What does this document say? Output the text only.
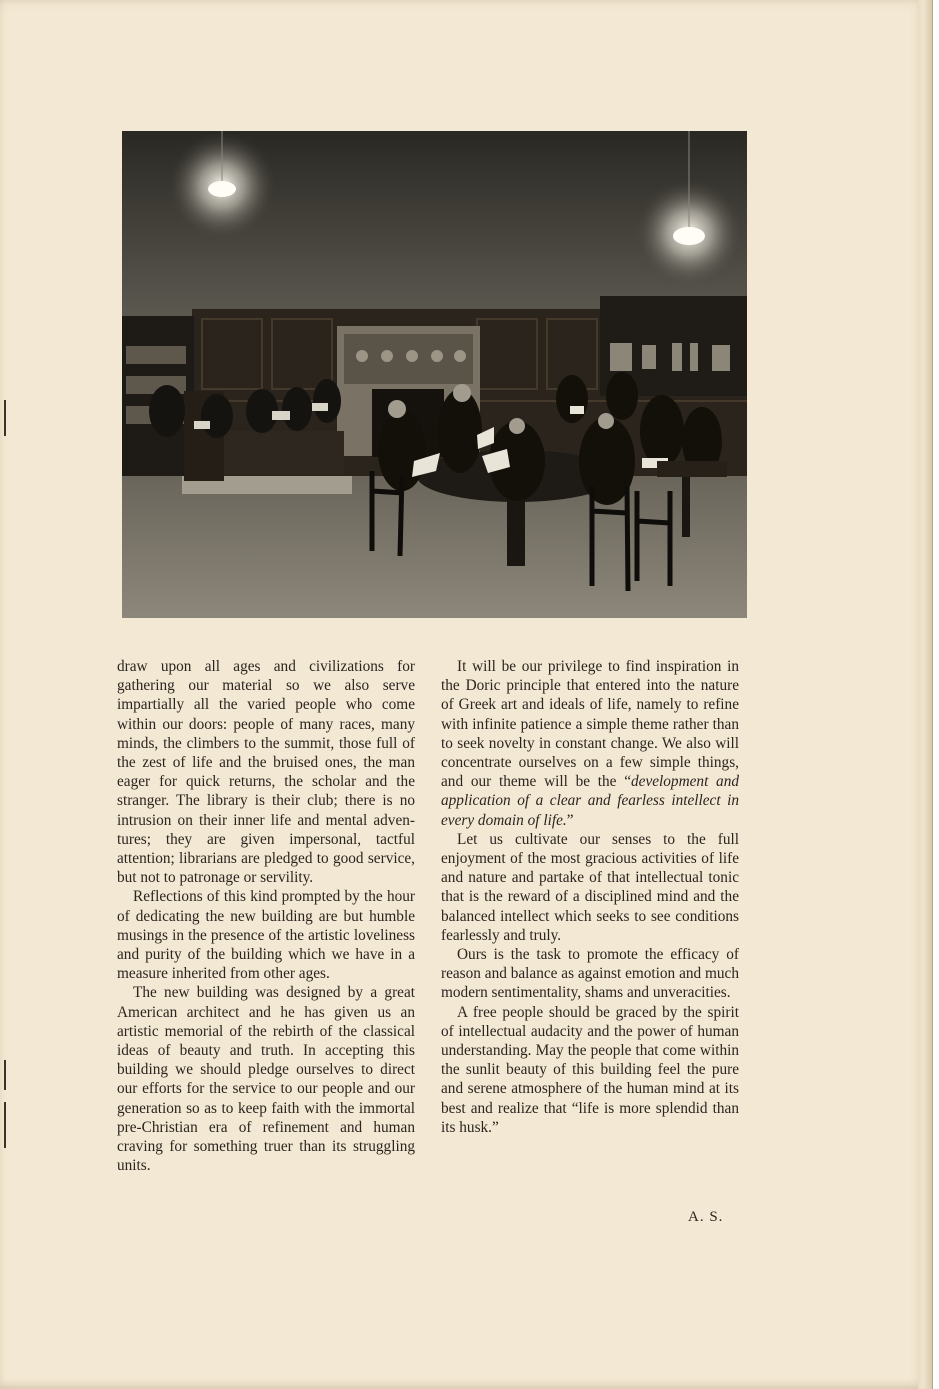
draw upon all ages and civilizations for gathering our material so we also serve impartially all the varied people who come within our doors: people of many races, many minds, the climbers to the summit, those full of the zest of life and the bruised ones, the man eager for quick returns, the scholar and the stranger. The library is their club; there is no intrusion on their inner life and mental adventures; they are given impersonal, tactful attention; librarians are pledged to good service, but not to patronage or servility.

Reflections of this kind prompted by the hour of dedicating the new building are but humble musings in the presence of the artistic loveliness and purity of the building which we have in a measure inherited from other ages.

The new building was designed by a great American architect and he has given us an artistic memorial of the rebirth of the classical ideas of beauty and truth. In accepting this building we should pledge ourselves to direct our efforts for the service to our people and our generation so as to keep faith with the immortal pre-Christian era of refinement and human craving for something truer than its struggling units.

It will be our privilege to find inspiration in the Doric principle that entered into the nature of Greek art and ideals of life, namely to refine with infinite patience a simple theme rather than to seek novelty in constant change. We also will concentrate ourselves on a few simple things, and our theme will be the “development and application of a clear and fearless intellect in every domain of life.”

Let us cultivate our senses to the full enjoyment of the most gracious activities of life and nature and partake of that intellectual tonic that is the reward of a disciplined mind and the balanced intellect which seeks to see conditions fearlessly and truly.

Ours is the task to promote the efficacy of reason and balance as against emotion and much modern sentimentality, shams and unveracities.

A free people should be graced by the spirit of intellectual audacity and the power of human understanding. May the people that come within the sunlit beauty of this building feel the pure and serene atmosphere of the human mind at its best and realize that “life is more splendid than its husk.”

A. S.
